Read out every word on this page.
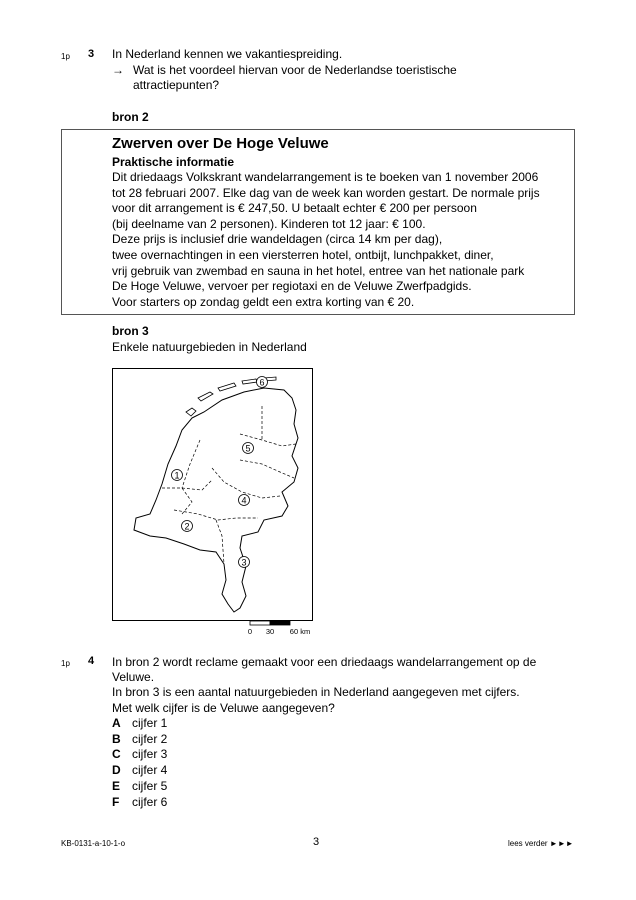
1p 3 In Nederland kennen we vakantiespreiding.
→ Wat is het voordeel hiervan voor de Nederlandse toeristische
attractiepunten?
bron 2
Zwerven over De Hoge Veluwe
Praktische informatie
Dit driedaags Volkskrant wandelarrangement is te boeken van 1 november 2006
tot 28 februari 2007. Elke dag van de week kan worden gestart. De normale prijs
voor dit arrangement is € 247,50. U betaalt echter € 200 per persoon
(bij deelname van 2 personen). Kinderen tot 12 jaar: € 100.
Deze prijs is inclusief drie wandeldagen (circa 14 km per dag),
twee overnachtingen in een viersterren hotel, ontbijt, lunchpakket, diner,
vrij gebruik van zwembad en sauna in het hotel, entree van het nationale park
De Hoge Veluwe, vervoer per regiotaxi en de Veluwe Zwerfpadgids.
Voor starters op zondag geldt een extra korting van € 20.
bron 3
Enkele natuurgebieden in Nederland
6
5
1
4
2
3
0 30 60 km
1p 4 In bron 2 wordt reclame gemaakt voor een driedaags wandelarrangement op de
Veluwe.
In bron 3 is een aantal natuurgebieden in Nederland aangegeven met cijfers.
Met welk cijfer is de Veluwe aangegeven?
A cijfer 1
B cijfer 2
C cijfer 3
D cijfer 4
E cijfer 5
F cijfer 6
KB-0131-a-10-1-o	3	lees verder ►►►
